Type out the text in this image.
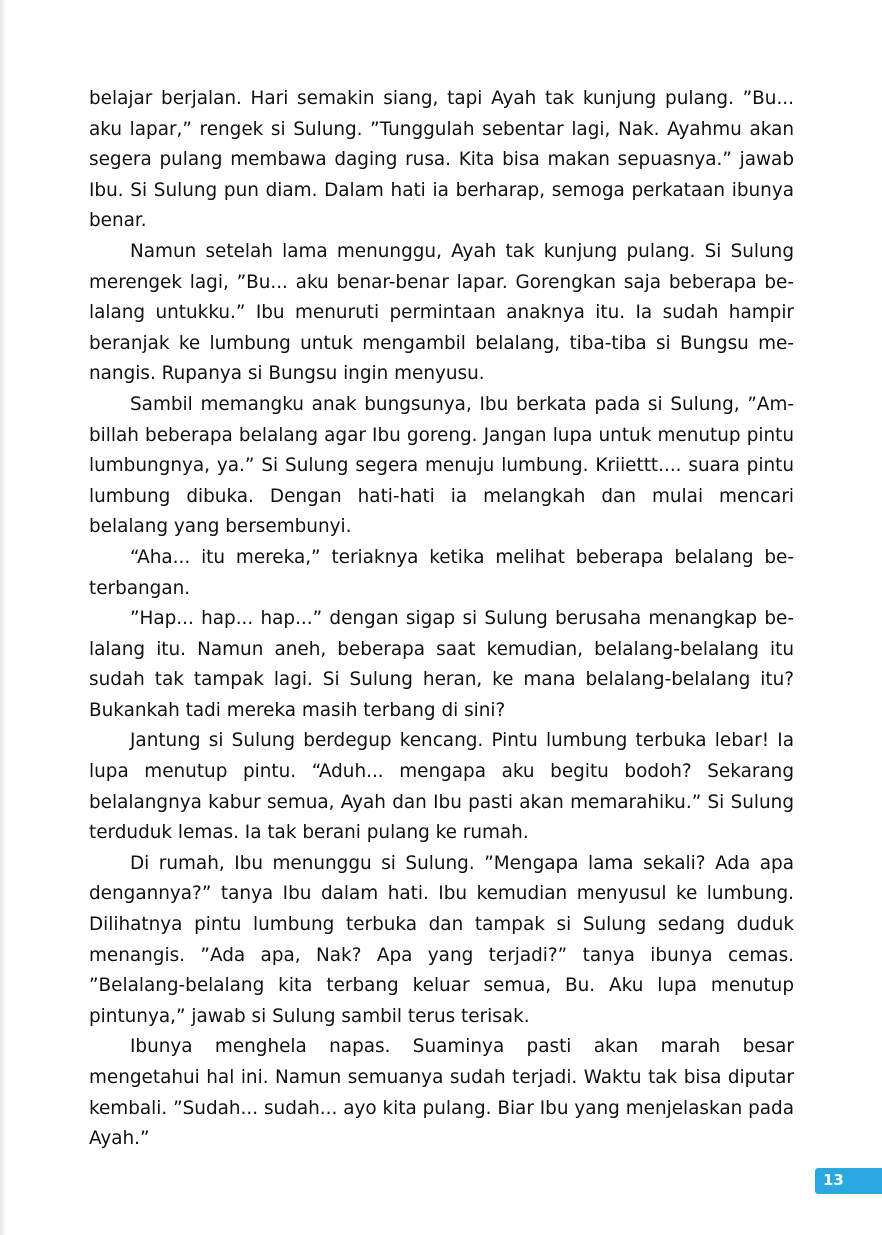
belajar berjalan. Hari semakin siang, tapi Ayah tak kunjung pulang. ”Bu... aku lapar,” rengek si Sulung. ”Tunggulah sebentar lagi, Nak. Ayahmu akan segera pulang membawa daging rusa. Kita bisa makan sepuasnya.” jawab Ibu. Si Sulung pun diam. Dalam hati ia berharap, semoga perkataan ibunya benar.

Namun setelah lama menunggu, Ayah tak kunjung pulang. Si Sulung merengek lagi, ”Bu... aku benar-benar lapar. Gorengkan saja beberapa belalang untukku.” Ibu menuruti permintaan anaknya itu. Ia sudah hampir beranjak ke lumbung untuk mengambil belalang, tiba-tiba si Bungsu menangis. Rupanya si Bungsu ingin menyusu.

Sambil memangku anak bungsunya, Ibu berkata pada si Sulung, ”Ambillah beberapa belalang agar Ibu goreng. Jangan lupa untuk menutup pintu lumbungnya, ya.” Si Sulung segera menuju lumbung. Kriiettt.... suara pintu lumbung dibuka. Dengan hati-hati ia melangkah dan mulai mencari belalang yang bersembunyi.

“Aha... itu mereka,” teriaknya ketika melihat beberapa belalang beterbangan.

”Hap... hap... hap...” dengan sigap si Sulung berusaha menangkap belalang itu. Namun aneh, beberapa saat kemudian, belalang-belalang itu sudah tak tampak lagi. Si Sulung heran, ke mana belalang-belalang itu? Bukankah tadi mereka masih terbang di sini?

Jantung si Sulung berdegup kencang. Pintu lumbung terbuka lebar! Ia lupa menutup pintu. “Aduh... mengapa aku begitu bodoh? Sekarang belalangnya kabur semua, Ayah dan Ibu pasti akan memarahiku.” Si Sulung terduduk lemas. Ia tak berani pulang ke rumah.

Di rumah, Ibu menunggu si Sulung. ”Mengapa lama sekali? Ada apa dengannya?” tanya Ibu dalam hati. Ibu kemudian menyusul ke lumbung. Dilihatnya pintu lumbung terbuka dan tampak si Sulung sedang duduk menangis. ”Ada apa, Nak? Apa yang terjadi?” tanya ibunya cemas. ”Belalang-belalang kita terbang keluar semua, Bu. Aku lupa menutup pintunya,” jawab si Sulung sambil terus terisak.

Ibunya menghela napas. Suaminya pasti akan marah besar mengetahui hal ini. Namun semuanya sudah terjadi. Waktu tak bisa diputar kembali. ”Sudah... sudah... ayo kita pulang. Biar Ibu yang menjelaskan pada Ayah.”

13
